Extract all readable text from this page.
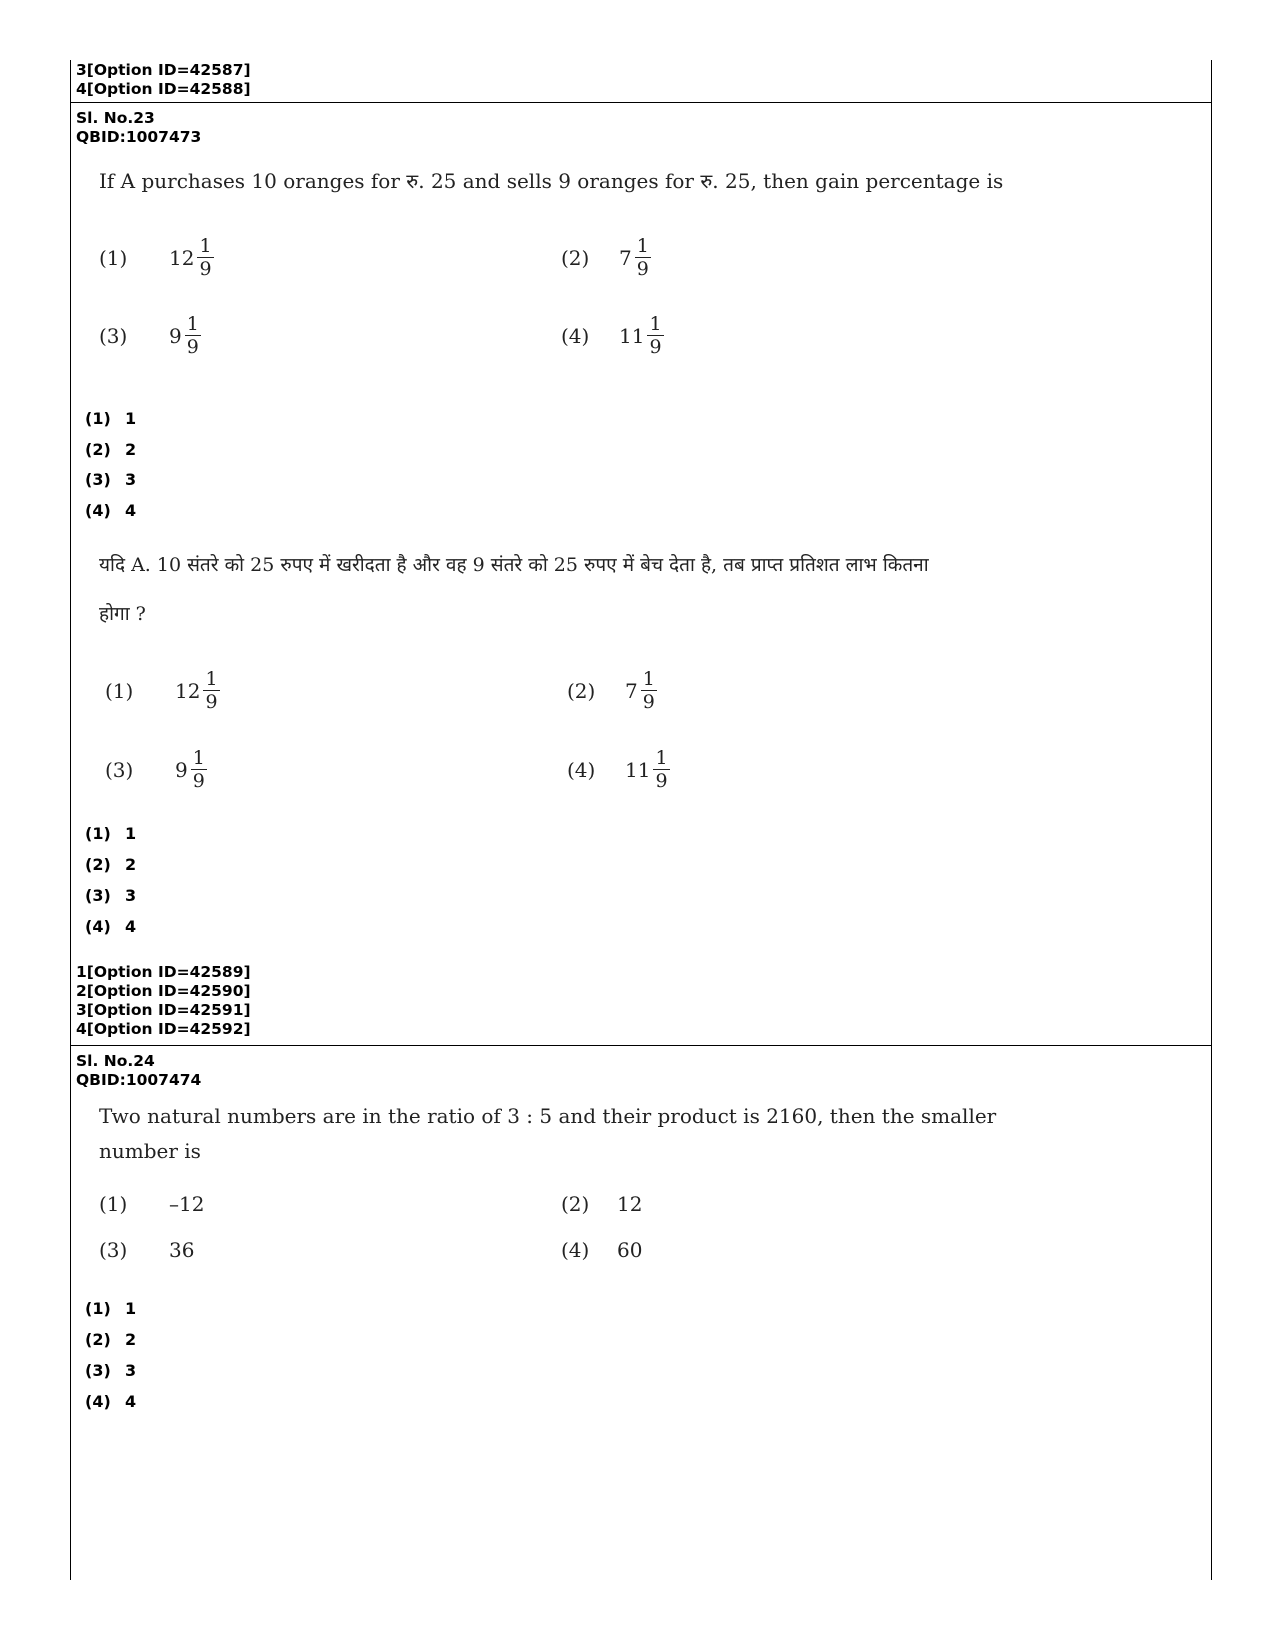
3[Option ID=42587]
4[Option ID=42588]
Sl. No.23
QBID:1007473
If A purchases 10 oranges for रु. 25 and sells 9 oranges for रु. 25, then gain percentage is
(1)	$12 \frac{1}{9}$	(2)	$7 \frac{1}{9}$
(3)	$9 \frac{1}{9}$	(4)	$11 \frac{1}{9}$
(1) 1
(2) 2
(3) 3
(4) 4
यदि A. 10 संतरे को 25 रुपए में खरीदता है और वह 9 संतरे को 25 रुपए में बेच देता है, तब प्राप्त प्रतिशत लाभ कितना
होगा ?
(1)	$12 \frac{1}{9}$	(2)	$7 \frac{1}{9}$
(3)	$9 \frac{1}{9}$	(4)	$11 \frac{1}{9}$
(1) 1
(2) 2
(3) 3
(4) 4
1[Option ID=42589]
2[Option ID=42590]
3[Option ID=42591]
4[Option ID=42592]
Sl. No.24
QBID:1007474
Two natural numbers are in the ratio of 3 : 5 and their product is 2160, then the smaller
number is
(1)	–12	(2)	12
(3)	36	(4)	60
(1) 1
(2) 2
(3) 3
(4) 4
